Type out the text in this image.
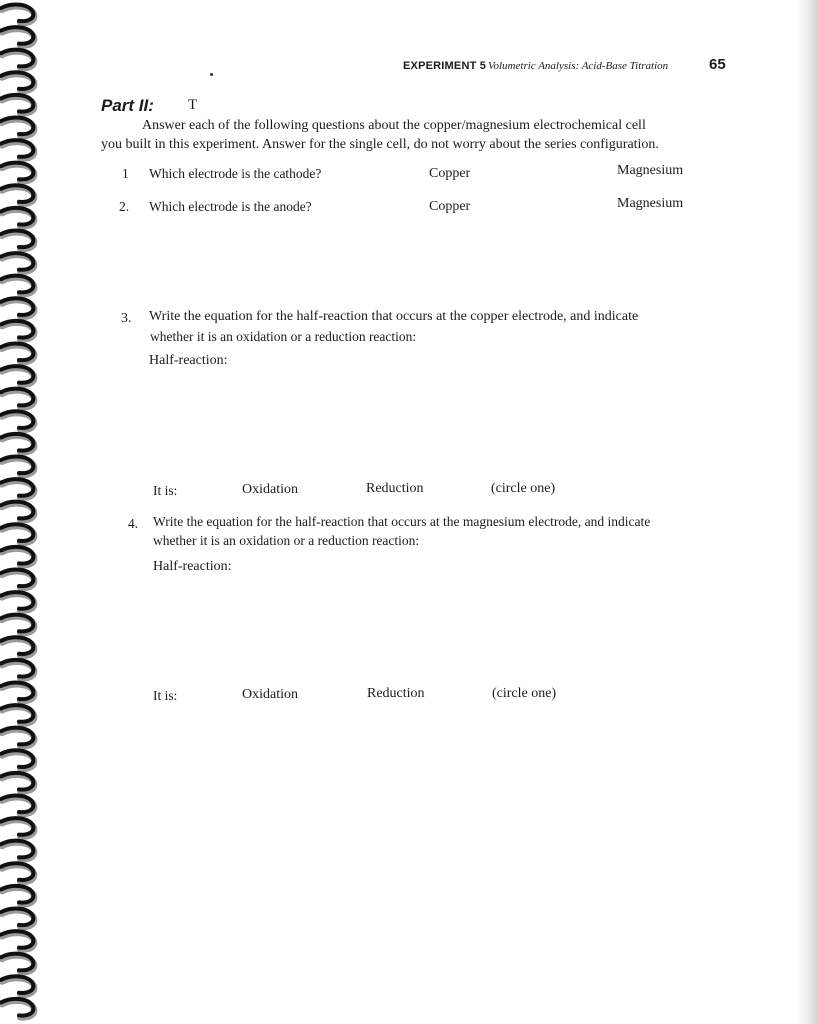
EXPERIMENT 5 Volumetric Analysis: Acid-Base Titration	65
Part II: T
Answer each of the following questions about the copper/magnesium electrochemical cell
you built in this experiment. Answer for the single cell, do not worry about the series configuration.
1 Which electrode is the cathode?	Copper	Magnesium
2. Which electrode is the anode?	Copper	Magnesium
3. Write the equation for the half-reaction that occurs at the copper electrode, and indicate
whether it is an oxidation or a reduction reaction:
Half-reaction:
It is:	Oxidation	Reduction	(circle one)
4. Write the equation for the half-reaction that occurs at the magnesium electrode, and indicate
whether it is an oxidation or a reduction reaction:
Half-reaction:
It is:	Oxidation	Reduction	(circle one)
